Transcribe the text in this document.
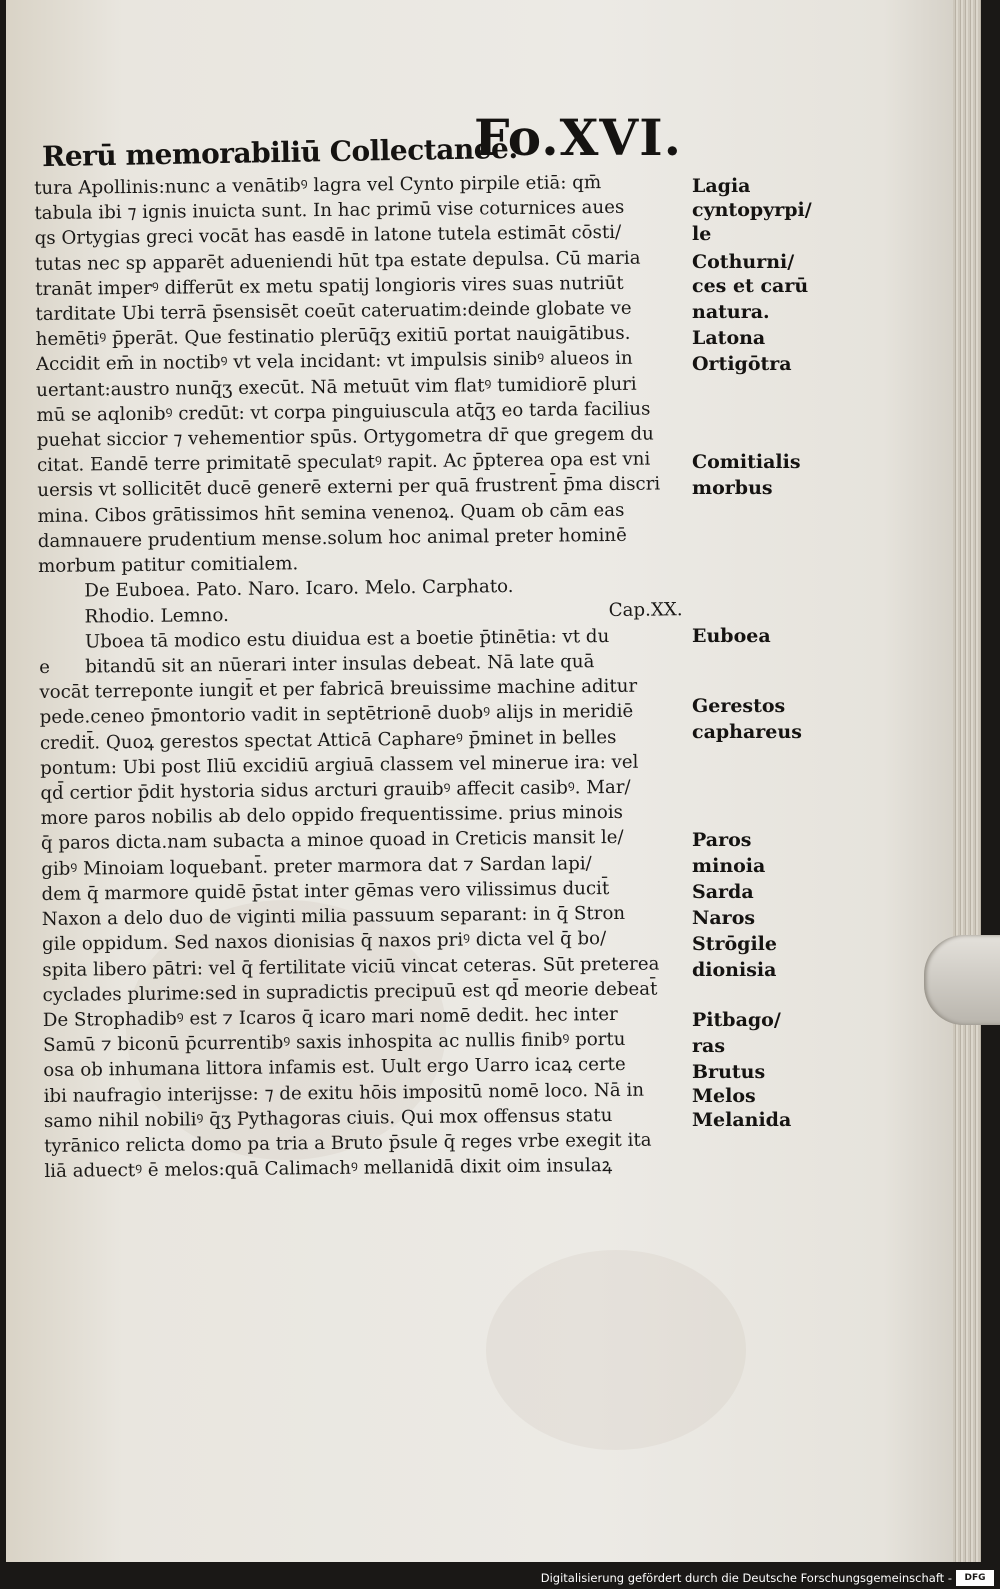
Rerū memorabiliū Collectanee.
Fo.XVI.
tura Apollinis:nunc a venātibꝰ lagra vel Cynto pirpile etiā: qm̄
tabula ibi ⁊ ignis inuicta sunt. In hac primū vise coturnices aues
qs Ortygias greci vocāt has easdē in latone tutela estimāt cōsti/
tutas nec sp apparēt adueniendi hūt tpa estate depulsa. Cū maria
tranāt imperꝰ differūt ex metu spatij longioris vires suas nutriūt
tarditate Ubi terrā p̄sensisēt coeūt cateruatim:deinde globate ve
hemētiꝰ p̄perāt. Que festinatio plerūq̄ʒ exitiū portat nauigātibus.
Accidit em̄ in noctibꝰ vt vela incidant: vt impulsis sinibꝰ alueos in
uertant:austro nunq̄ʒ execūt. Nā metuūt vim flatꝰ tumidiorē pluri
mū se aqlonibꝰ credūt: vt corpa pinguiuscula atq̄ʒ eo tarda facilius
puehat siccior ⁊ vehementior spūs. Ortygometra dr̄ que gregem du
citat. Eandē terre primitatē speculatꝰ rapit. Ac p̄pterea opa est vni
uersis vt sollicitēt ducē generē externi per quā frustrent̄ p̄ma discri
mina. Cibos grātissimos hn̄t semina venenoꝝ. Quam ob cām eas
damnauere prudentium mense.solum hoc animal preter hominē
morbum patitur comitialem.
De Euboea. Pato. Naro. Icaro. Melo. Carphato.
Cap.XX.
Rhodio. Lemno.
Uboea tā modico estu diuidua est a boetie p̄tinētia: vt du
e bitandū sit an nūerari inter insulas debeat. Nā late quā
vocāt terreponte iungit̄ et per fabricā breuissime machine aditur
pede.ceneo p̄montorio vadit in septētrionē duobꝰ alijs in meridiē
credit̄. Quoꝝ gerestos spectat Atticā Caphareꝰ p̄minet in belles
pontum: Ubi post Iliū excidiū argiuā classem vel minerue ira: vel
qd̄ certior p̄dit hystoria sidus arcturi grauibꝰ affecit casibꝰ. Mar/
more paros nobilis ab delo oppido frequentissime. prius minois
q̄ paros dicta.nam subacta a minoe quoad in Creticis mansit le/
gibꝰ Minoiam loquebant̄. preter marmora dat ⁊ Sardan lapi/
dem q̄ marmore quidē p̄stat inter gēmas vero vilissimus ducit̄
Naxon a delo duo de viginti milia passuum separant: in q̄ Stron
gile oppidum. Sed naxos dionisias q̄ naxos priꝰ dicta vel q̄ bo/
spita libero pātri: vel q̄ fertilitate viciū vincat ceteras. Sūt preterea
cyclades plurime:sed in supradictis precipuū est qd̄ meorie debeat̄
De Strophadibꝰ est ⁊ Icaros q̄ icaro mari nomē dedit. hec inter
Samū ⁊ biconū p̄currentibꝰ saxis inhospita ac nullis finibꝰ portu
osa ob inhumana littora infamis est. Uult ergo Uarro icaꝝ certe
ibi naufragio interijsse: ⁊ de exitu hōis impositū nomē loco. Nā in
samo nihil nobiliꝰ q̄ʒ Pythagoras ciuis. Qui mox offensus statu
tyrānico relicta domo pa tria a Bruto p̄sule q̄ reges vrbe exegit ita
liā aduectꝰ ē melos:quā Calimachꝰ mellanidā dixit oim insulaꝝ
Lagia
cyntopyrpi/
le
Cothurni/
ces et carū
natura.
Latona
Ortigōtra
Comitialis
morbus
Euboea
Gerestos
caphareus
Paros
minoia
Sarda
Naros
Strōgile
dionisia
Pitbago/
ras
Brutus
Melos
Melanida
Digitalisierung gefördert durch die Deutsche Forschungsgemeinschaft -	DFG
